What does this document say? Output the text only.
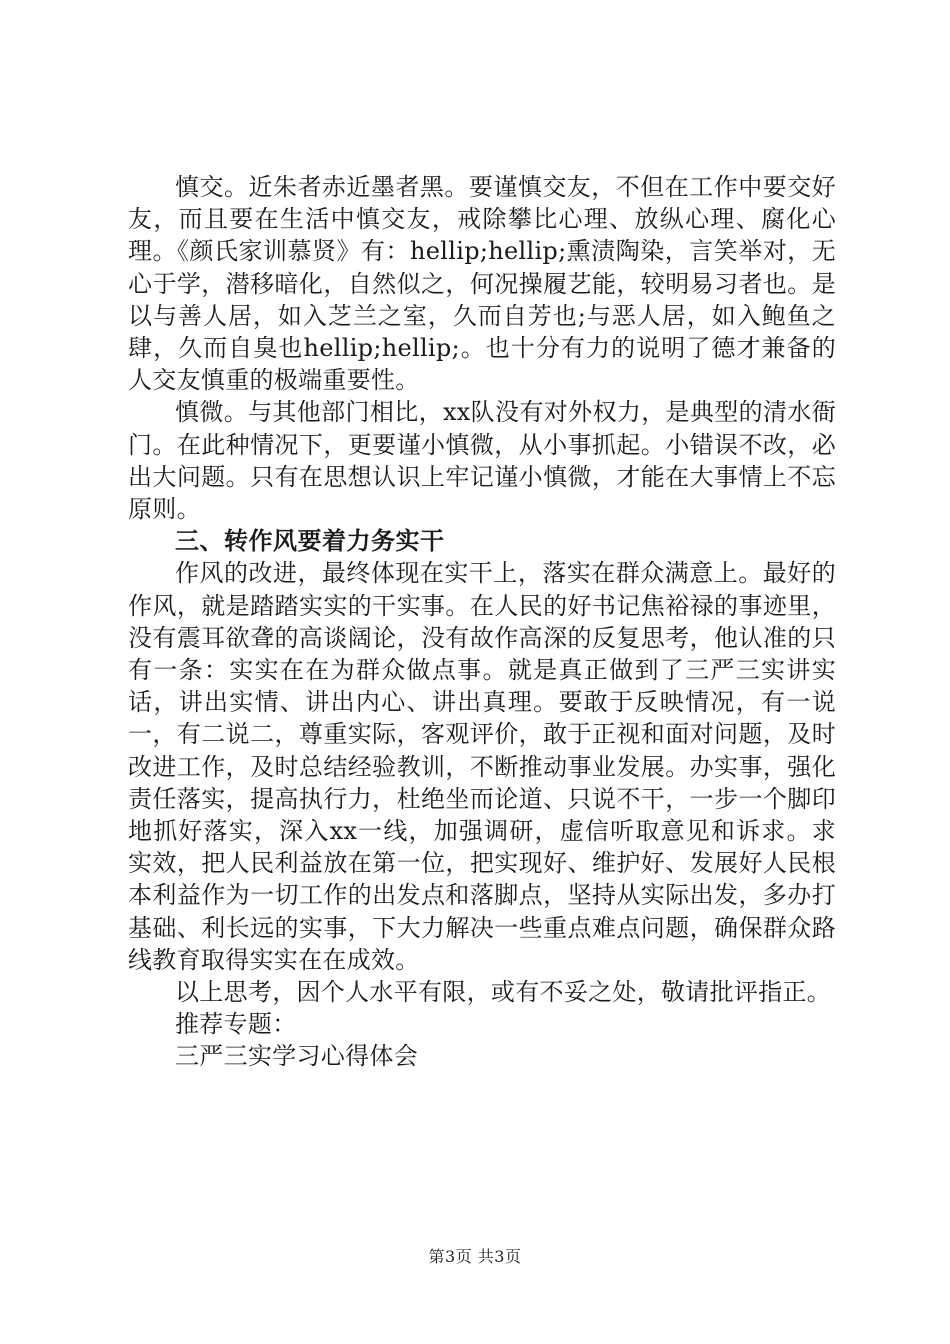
慎交。近朱者赤近墨者黑。要谨慎交友，不但在工作中要交好友，而且要在生活中慎交友，戒除攀比心理、放纵心理、腐化心理。《颜氏家训慕贤》有：hellip;hellip;熏渍陶染，言笑举对，无心于学，潜移暗化，自然似之，何况操履艺能，较明易习者也。是以与善人居，如入芝兰之室，久而自芳也;与恶人居，如入鲍鱼之肆，久而自臭也hellip;hellip;。也十分有力的说明了德才兼备的人交友慎重的极端重要性。

慎微。与其他部门相比，xx队没有对外权力，是典型的清水衙门。在此种情况下，更要谨小慎微，从小事抓起。小错误不改，必出大问题。只有在思想认识上牢记谨小慎微，才能在大事情上不忘原则。

三、转作风要着力务实干

作风的改进，最终体现在实干上，落实在群众满意上。最好的作风，就是踏踏实实的干实事。在人民的好书记焦裕禄的事迹里，没有震耳欲聋的高谈阔论，没有故作高深的反复思考，他认准的只有一条：实实在在为群众做点事。就是真正做到了三严三实讲实话，讲出实情、讲出内心、讲出真理。要敢于反映情况，有一说一，有二说二，尊重实际，客观评价，敢于正视和面对问题，及时改进工作，及时总结经验教训，不断推动事业发展。办实事，强化责任落实，提高执行力，杜绝坐而论道、只说不干，一步一个脚印地抓好落实，深入xx一线，加强调研，虚信听取意见和诉求。求实效，把人民利益放在第一位，把实现好、维护好、发展好人民根本利益作为一切工作的出发点和落脚点，坚持从实际出发，多办打基础、利长远的实事，下大力解决一些重点难点问题，确保群众路线教育取得实实在在成效。

以上思考，因个人水平有限，或有不妥之处，敬请批评指正。

推荐专题：

三严三实学习心得体会

第3页 共3页
